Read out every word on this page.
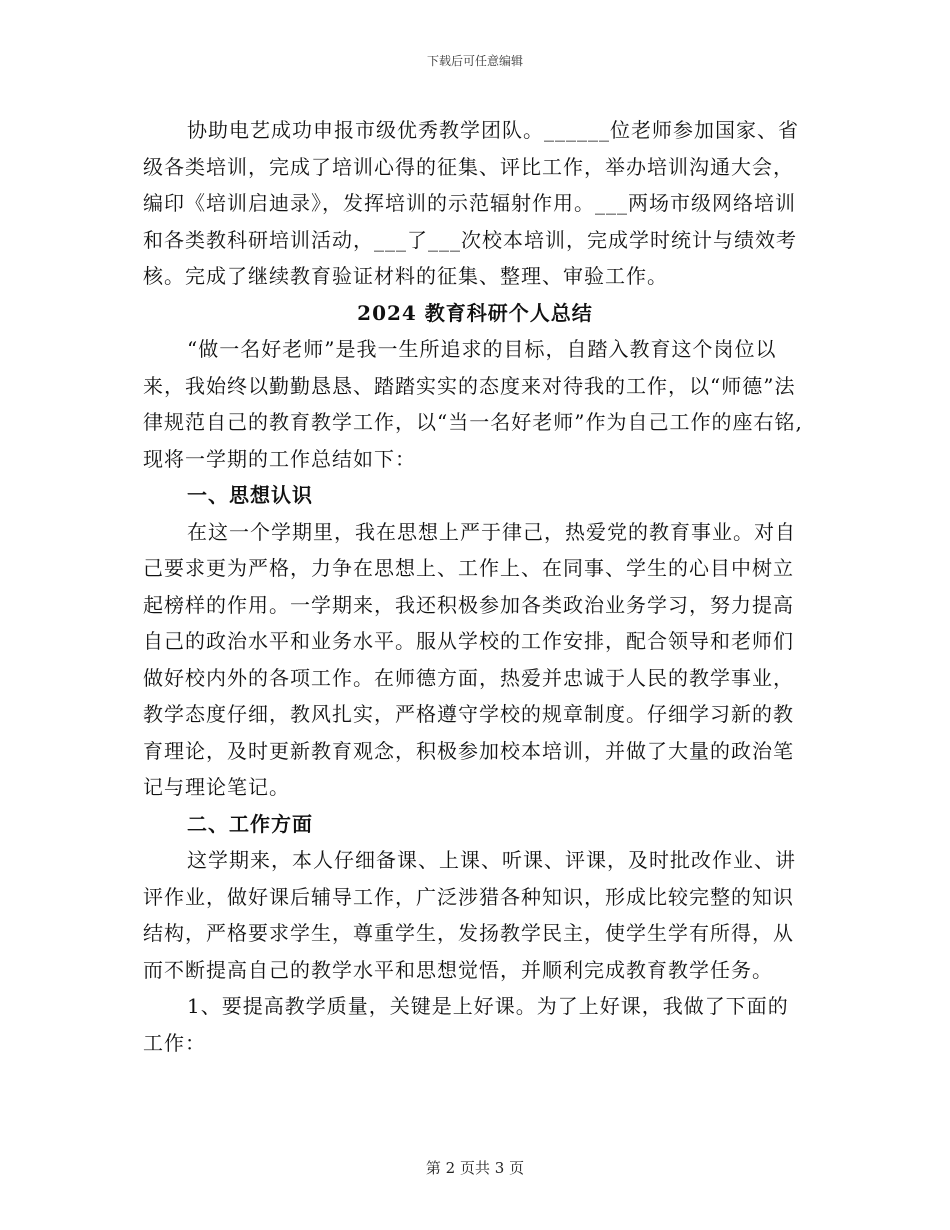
下载后可任意编辑

协助电艺成功申报市级优秀教学团队。______位老师参加国家、省级各类培训，完成了培训心得的征集、评比工作，举办培训沟通大会，编印《培训启迪录》，发挥培训的示范辐射作用。___两场市级网络培训和各类教科研培训活动，___了___次校本培训，完成学时统计与绩效考核。完成了继续教育验证材料的征集、整理、审验工作。

2024 教育科研个人总结

“做一名好老师”是我一生所追求的目标，自踏入教育这个岗位以来，我始终以勤勤恳恳、踏踏实实的态度来对待我的工作，以“师德”法律规范自己的教育教学工作，以“当一名好老师”作为自己工作的座右铭,现将一学期的工作总结如下：

一、思想认识

在这一个学期里，我在思想上严于律己，热爱党的教育事业。对自己要求更为严格，力争在思想上、工作上、在同事、学生的心目中树立起榜样的作用。一学期来，我还积极参加各类政治业务学习，努力提高自己的政治水平和业务水平。服从学校的工作安排，配合领导和老师们做好校内外的各项工作。在师德方面，热爱并忠诚于人民的教学事业，教学态度仔细，教风扎实，严格遵守学校的规章制度。仔细学习新的教育理论，及时更新教育观念，积极参加校本培训，并做了大量的政治笔记与理论笔记。

二、工作方面

这学期来，本人仔细备课、上课、听课、评课，及时批改作业、讲评作业，做好课后辅导工作，广泛涉猎各种知识，形成比较完整的知识结构，严格要求学生，尊重学生，发扬教学民主，使学生学有所得，从而不断提高自己的教学水平和思想觉悟，并顺利完成教育教学任务。

1、要提高教学质量，关键是上好课。为了上好课，我做了下面的工作：

第 2 页共 3 页
